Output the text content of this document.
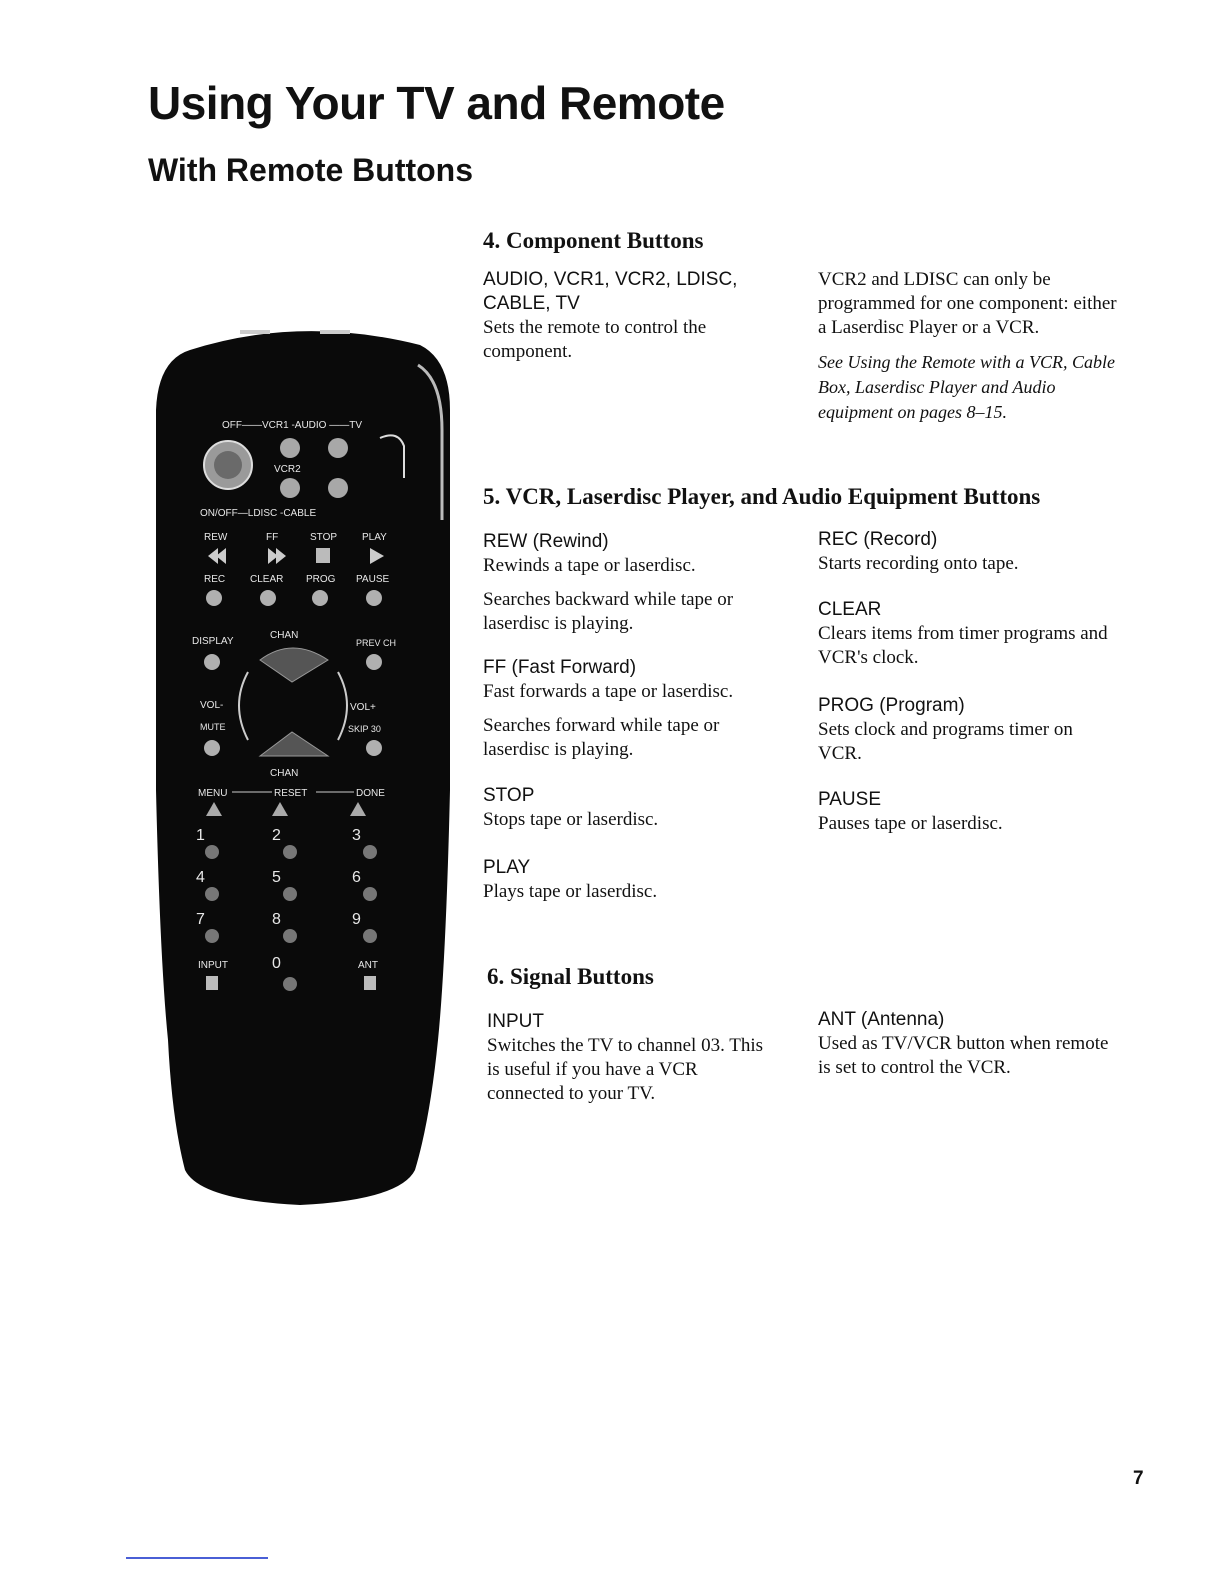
Using Your TV and Remote
With Remote Buttons
OFF——VCR1 -AUDIO ——TV
VCR2
ON/OFF—LDISC -CABLE
REW	FF	STOP PLAY
REC CLEAR PROG PAUSE
DISPLAY
CHAN
PREV CH
VOL-	VOL+
MUTE	SKIP 30
CHAN
MENU	RESET	DONE
1	2	3
4	5	6
7	8	9
INPUT	0	ANT
4. Component Buttons
AUDIO, VCR1, VCR2, LDISC, CABLE, TV

Sets the remote to control the component.

VCR2 and LDISC can only be programmed for one component: either a Laserdisc Player or a VCR.

See Using the Remote with a VCR, Cable Box, Laserdisc Player and Audio equipment on pages 8–15.

5. VCR, Laserdisc Player, and Audio Equipment Buttons
REW (Rewind)

Rewinds a tape or laserdisc.

Searches backward while tape or laserdisc is playing.

FF (Fast Forward)

Fast forwards a tape or laserdisc.

Searches forward while tape or laserdisc is playing.

STOP

Stops tape or laserdisc.

PLAY

Plays tape or laserdisc.

REC (Record)

Starts recording onto tape.

CLEAR

Clears items from timer programs and VCR's clock.

PROG (Program)

Sets clock and programs timer on VCR.

PAUSE

Pauses tape or laserdisc.

6. Signal Buttons
INPUT

Switches the TV to channel 03. This is useful if you have a VCR connected to your TV.

ANT (Antenna)

Used as TV/VCR button when remote is set to control the VCR.

7
